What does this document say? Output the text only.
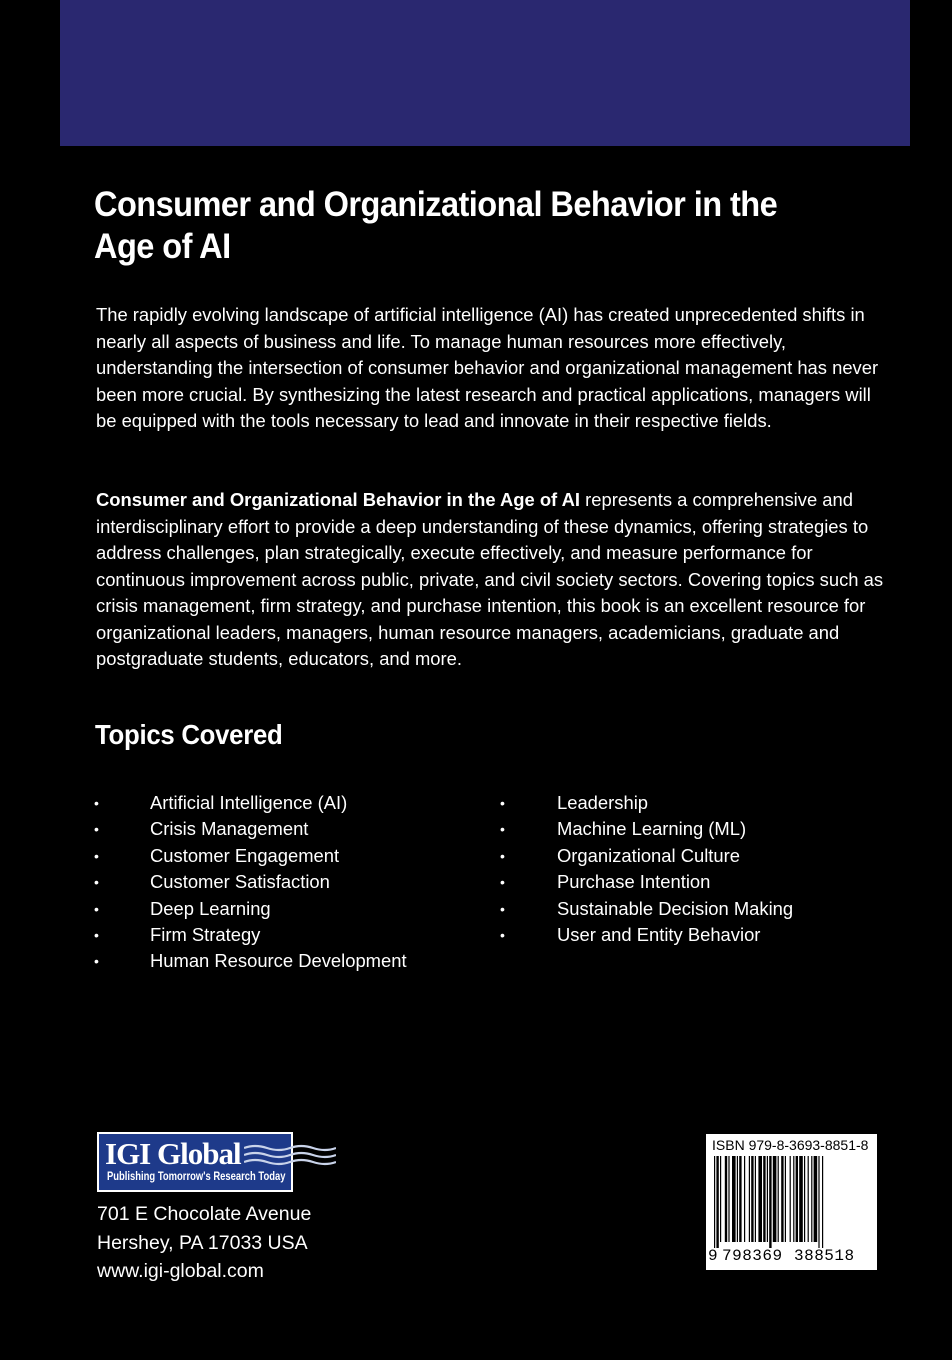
Consumer and Organizational Behavior in the Age of AI

The rapidly evolving landscape of artificial intelligence (AI) has created unprecedented shifts in nearly all aspects of business and life. To manage human resources more effectively, understanding the intersection of consumer behavior and organizational management has never been more crucial. By synthesizing the latest research and practical applications, managers will be equipped with the tools necessary to lead and innovate in their respective fields.

Consumer and Organizational Behavior in the Age of AI represents a comprehensive and interdisciplinary effort to provide a deep understanding of these dynamics, offering strategies to address challenges, plan strategically, execute effectively, and measure performance for continuous improvement across public, private, and civil society sectors. Covering topics such as crisis management, firm strategy, and purchase intention, this book is an excellent resource for organizational leaders, managers, human resource managers, academicians, graduate and postgraduate students, educators, and more.

Topics Covered
•	Artificial Intelligence (AI)
•	Crisis Management
•	Customer Engagement
•	Customer Satisfaction
•	Deep Learning
•	Firm Strategy
•	Human Resource Development
•	Leadership
•	Machine Learning (ML)
•	Organizational Culture
•	Purchase Intention
•	Sustainable Decision Making
•	User and Entity Behavior
IGI Global
Publishing Tomorrow's Research Today
701 E Chocolate Avenue
Hershey, PA 17033 USA
www.igi-global.com
ISBN 979-8-3693-8851-8
9 798369 388518
